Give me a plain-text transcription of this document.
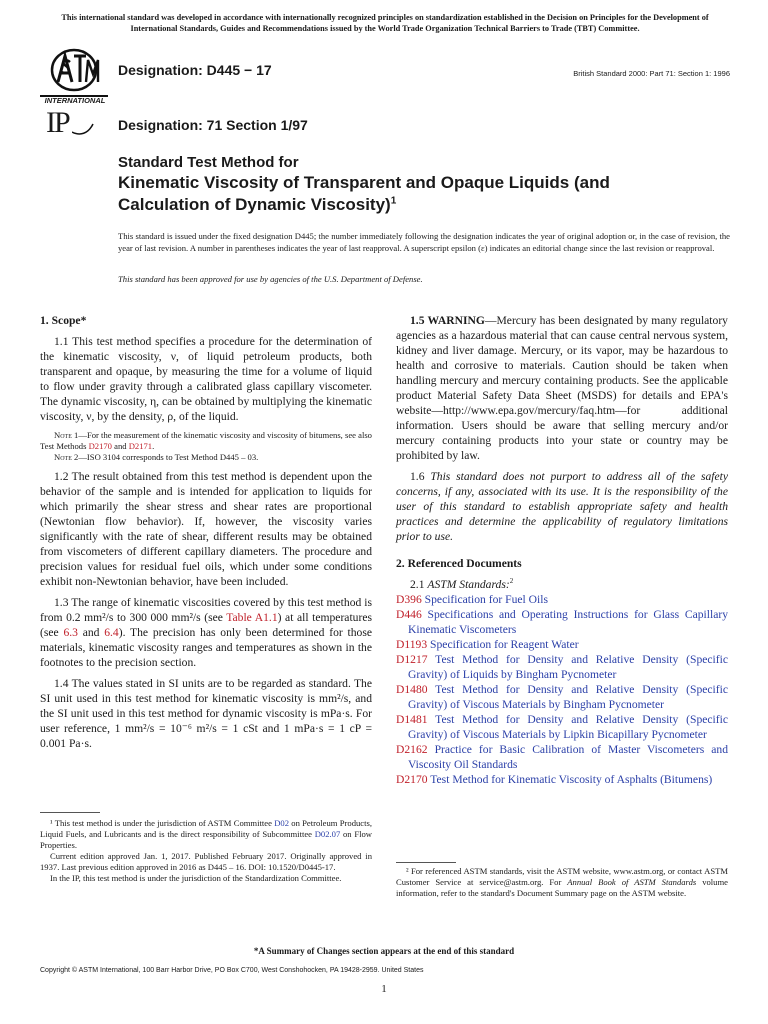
This international standard was developed in accordance with internationally recognized principles on standardization established in the Decision on Principles for the Development of International Standards, Guides and Recommendations issued by the World Trade Organization Technical Barriers to Trade (TBT) Committee.
INTERNATIONAL
Designation: D445 − 17	British Standard 2000: Part 71: Section 1: 1996
IP	Designation: 71 Section 1/97
Standard Test Method for
Kinematic Viscosity of Transparent and Opaque Liquids (and Calculation of Dynamic Viscosity)$^1$
This standard is issued under the fixed designation D445; the number immediately following the designation indicates the year of original adoption or, in the case of revision, the year of last revision. A number in parentheses indicates the year of last reapproval. A superscript epsilon (ε) indicates an editorial change since the last revision or reapproval.
This standard has been approved for use by agencies of the U.S. Department of Defense.

1. Scope*

1.1 This test method specifies a procedure for the determination of the kinematic viscosity, ν, of liquid petroleum products, both transparent and opaque, by measuring the time for a volume of liquid to flow under gravity through a calibrated glass capillary viscometer. The dynamic viscosity, η, can be obtained by multiplying the kinematic viscosity, ν, by the density, ρ, of the liquid.

Note 1—For the measurement of the kinematic viscosity and viscosity of bitumens, see also Test Methods D2170 and D2171.

Note 2—ISO 3104 corresponds to Test Method D445 – 03.

1.2 The result obtained from this test method is dependent upon the behavior of the sample and is intended for application to liquids for which primarily the shear stress and shear rates are proportional (Newtonian flow behavior). If, however, the viscosity varies significantly with the rate of shear, different results may be obtained from viscometers of different capillary diameters. The procedure and precision values for residual fuel oils, which under some conditions exhibit non-Newtonian behavior, have been included.

1.3 The range of kinematic viscosities covered by this test method is from 0.2 mm²/s to 300 000 mm²/s (see Table A1.1) at all temperatures (see 6.3 and 6.4). The precision has only been determined for those materials, kinematic viscosity ranges and temperatures as shown in the footnotes to the precision section.

1.4 The values stated in SI units are to be regarded as standard. The SI unit used in this test method for kinematic viscosity is mm²/s, and the SI unit used in this test method for dynamic viscosity is mPa·s. For user reference, 1 mm²/s = 10⁻⁶ m²/s = 1 cSt and 1 mPa·s = 1 cP = 0.001 Pa·s.

¹ This test method is under the jurisdiction of ASTM Committee D02 on Petroleum Products, Liquid Fuels, and Lubricants and is the direct responsibility of Subcommittee D02.07 on Flow Properties.

Current edition approved Jan. 1, 2017. Published February 2017. Originally approved in 1937. Last previous edition approved in 2016 as D445 – 16. DOI: 10.1520/D0445-17.

In the IP, this test method is under the jurisdiction of the Standardization Committee.

1.5 WARNING—Mercury has been designated by many regulatory agencies as a hazardous material that can cause central nervous system, kidney and liver damage. Mercury, or its vapor, may be hazardous to health and corrosive to materials. Caution should be taken when handling mercury and mercury containing products. See the applicable product Material Safety Data Sheet (MSDS) for details and EPA's website—http://www.epa.gov/mercury/faq.htm—for additional information. Users should be aware that selling mercury and/or mercury containing products into your state or country may be prohibited by law.

1.6 This standard does not purport to address all of the safety concerns, if any, associated with its use. It is the responsibility of the user of this standard to establish appropriate safety and health practices and determine the applicability of regulatory limitations prior to use.

2. Referenced Documents

2.1 ASTM Standards:$^2$

D396 Specification for Fuel Oils

D446 Specifications and Operating Instructions for Glass Capillary Kinematic Viscometers

D1193 Specification for Reagent Water

D1217 Test Method for Density and Relative Density (Specific Gravity) of Liquids by Bingham Pycnometer

D1480 Test Method for Density and Relative Density (Specific Gravity) of Viscous Materials by Bingham Pycnometer

D1481 Test Method for Density and Relative Density (Specific Gravity) of Viscous Materials by Lipkin Bicapillary Pycnometer

D2162 Practice for Basic Calibration of Master Viscometers and Viscosity Oil Standards

D2170 Test Method for Kinematic Viscosity of Asphalts (Bitumens)

² For referenced ASTM standards, visit the ASTM website, www.astm.org, or contact ASTM Customer Service at service@astm.org. For Annual Book of ASTM Standards volume information, refer to the standard's Document Summary page on the ASTM website.

*A Summary of Changes section appears at the end of this standard
Copyright © ASTM International, 100 Barr Harbor Drive, PO Box C700, West Conshohocken, PA 19428-2959. United States
1
